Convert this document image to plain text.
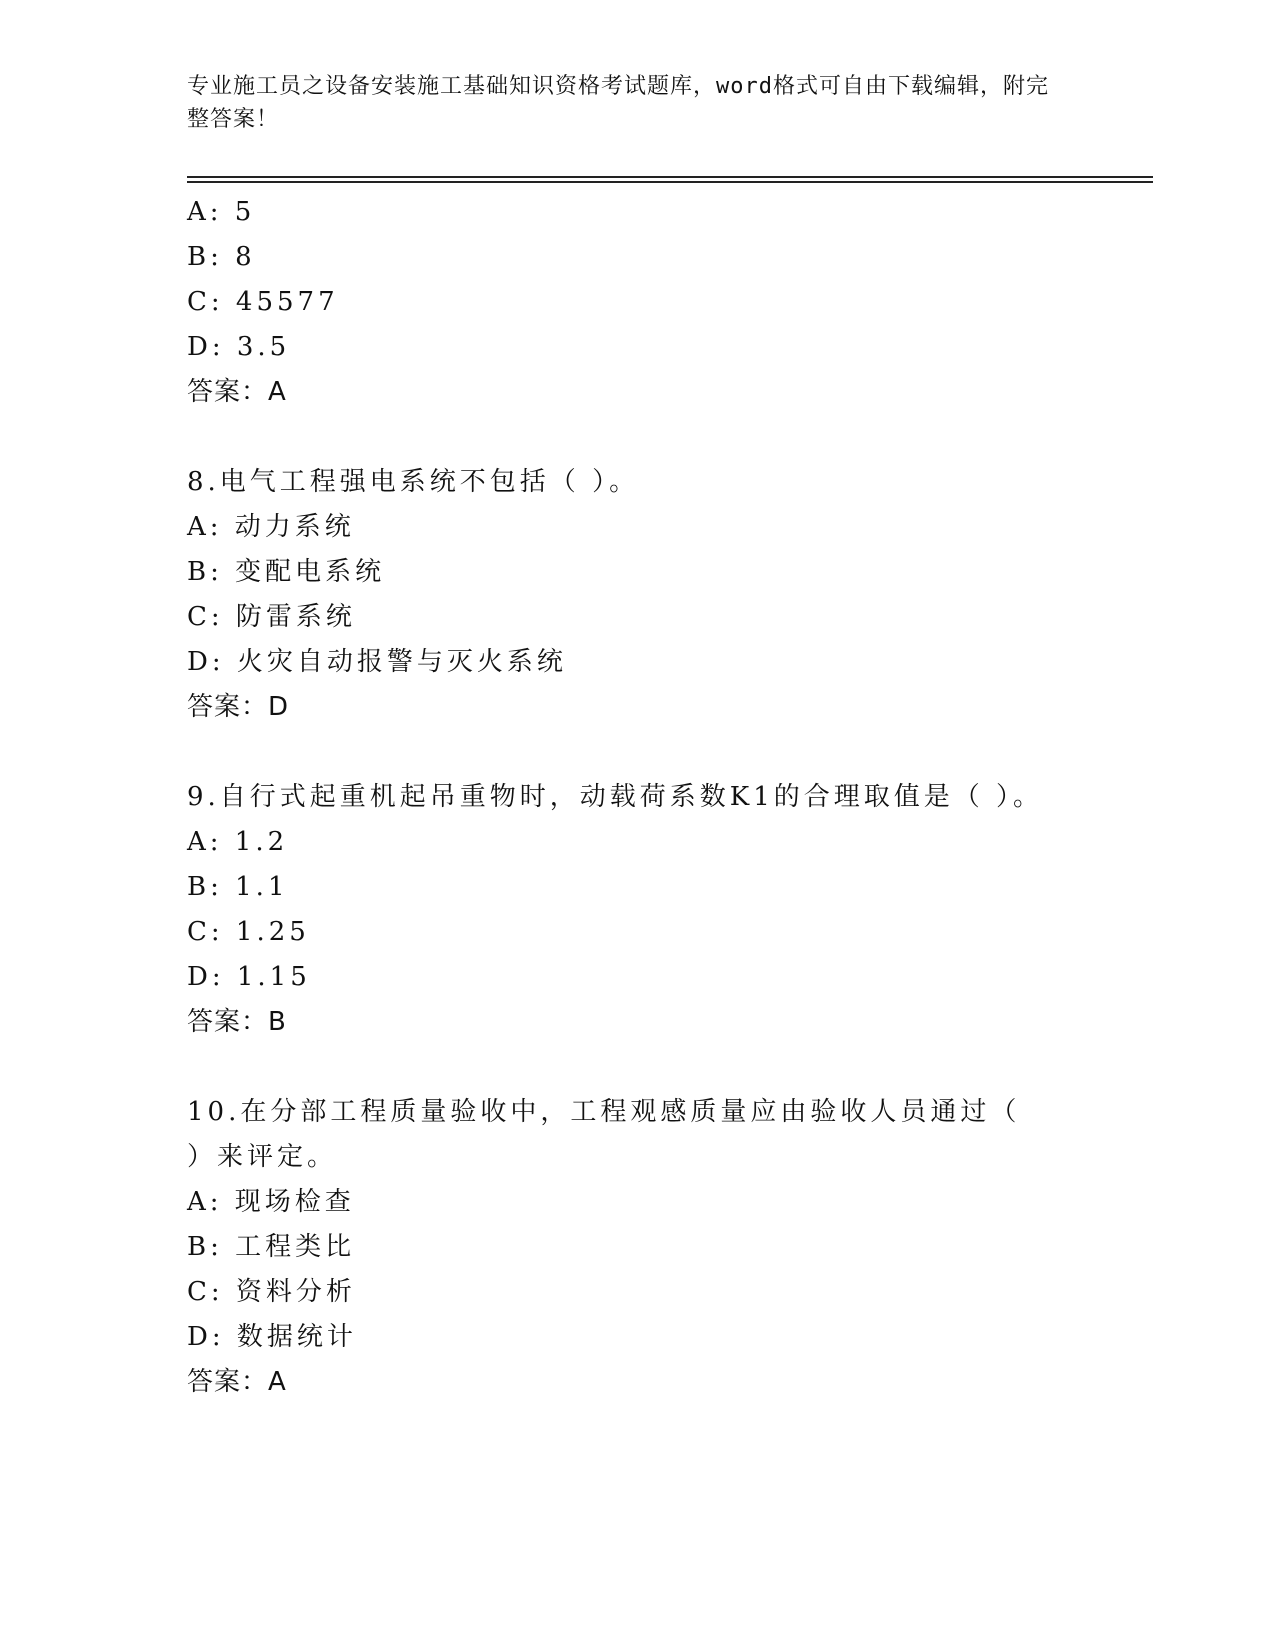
专业施工员之设备安装施工基础知识资格考试题库，word格式可自由下载编辑，附完整答案！
A: 5
B: 8
C: 45577
D: 3.5
答案：A
8.电气工程强电系统不包括（ ）。
A: 动力系统
B: 变配电系统
C: 防雷系统
D: 火灾自动报警与灭火系统
答案：D
9.自行式起重机起吊重物时，动载荷系数K1的合理取值是（ ）。
A: 1.2
B: 1.1
C: 1.25
D: 1.15
答案：B
10.在分部工程质量验收中，工程观感质量应由验收人员通过（ ）来评定。
A: 现场检查
B: 工程类比
C: 资料分析
D: 数据统计
答案：A
